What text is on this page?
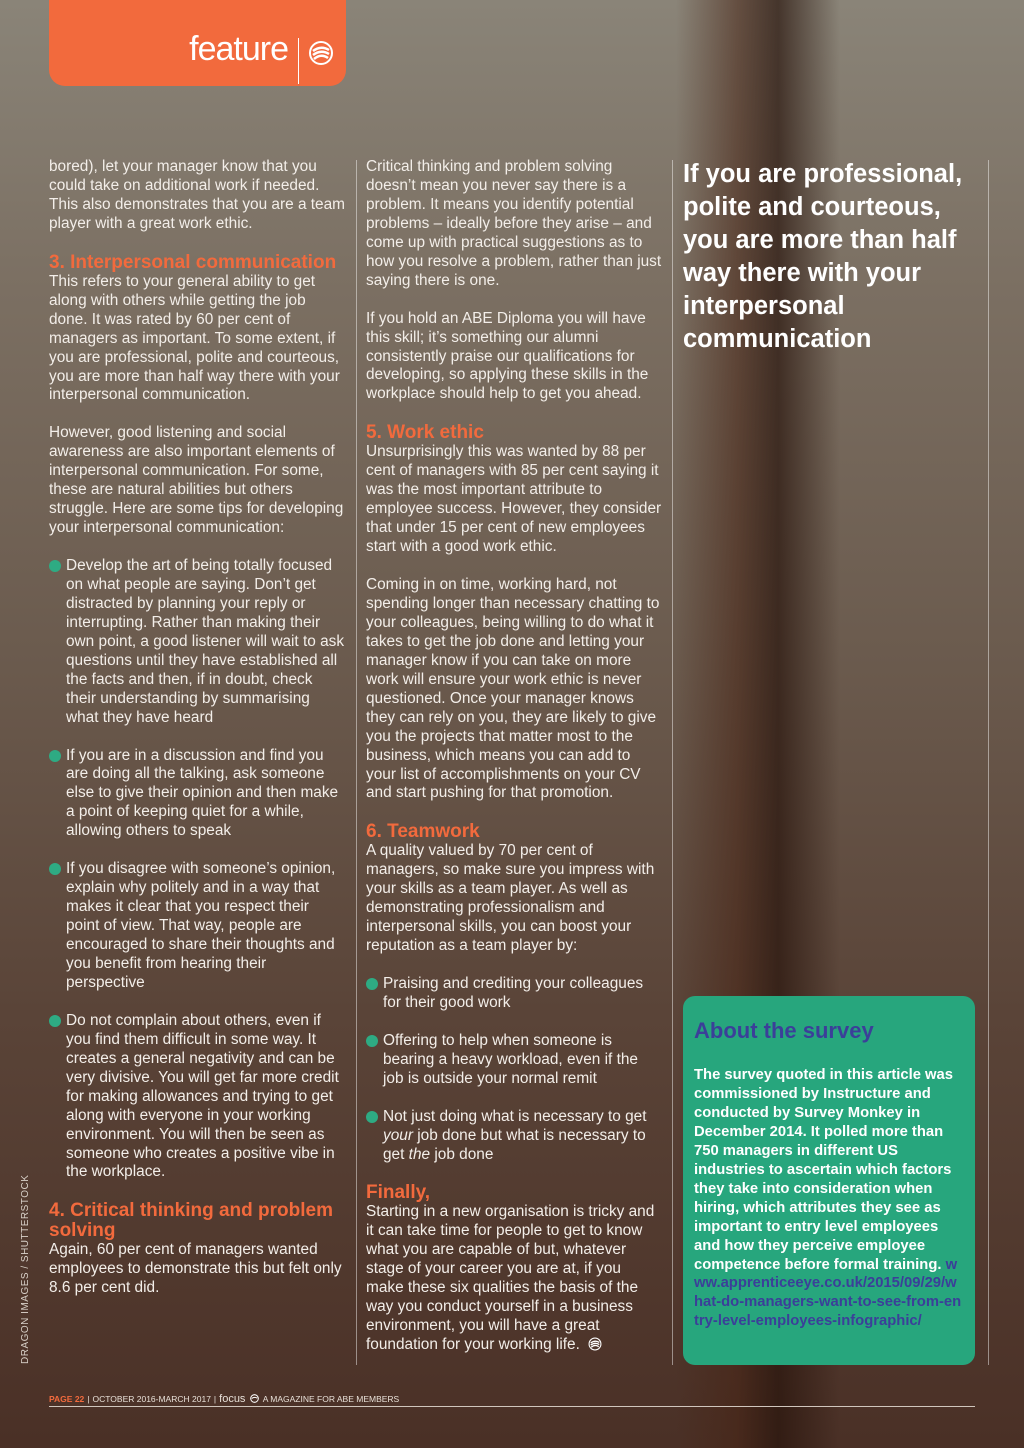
feature

bored), let your manager know that you could take on additional work if needed. This also demonstrates that you are a team player with a great work ethic.

3. Interpersonal communication

This refers to your general ability to get along with others while getting the job done. It was rated by 60 per cent of managers as important. To some extent, if you are professional, polite and courteous, you are more than half way there with your interpersonal communication.

However, good listening and social awareness are also important elements of interpersonal communication. For some, these are natural abilities but others struggle. Here are some tips for developing your interpersonal communication:

Develop the art of being totally focused on what people are saying. Don’t get distracted by planning your reply or interrupting. Rather than making their own point, a good listener will wait to ask questions until they have established all the facts and then, if in doubt, check their understanding by summarising what they have heard
If you are in a discussion and find you are doing all the talking, ask someone else to give their opinion and then make a point of keeping quiet for a while, allowing others to speak
If you disagree with someone’s opinion, explain why politely and in a way that makes it clear that you respect their point of view. That way, people are encouraged to share their thoughts and you benefit from hearing their perspective
Do not complain about others, even if you find them difficult in some way. It creates a general negativity and can be very divisive. You will get far more credit for making allowances and trying to get along with everyone in your working environment. You will then be seen as someone who creates a positive vibe in the workplace.
4. Critical thinking and problem solving

Again, 60 per cent of managers wanted employees to demonstrate this but felt only 8.6 per cent did.

Critical thinking and problem solving doesn’t mean you never say there is a problem. It means you identify potential problems – ideally before they arise – and come up with practical suggestions as to how you resolve a problem, rather than just saying there is one.

If you hold an ABE Diploma you will have this skill; it’s something our alumni consistently praise our qualifications for developing, so applying these skills in the workplace should help to get you ahead.

5. Work ethic

Unsurprisingly this was wanted by 88 per cent of managers with 85 per cent saying it was the most important attribute to employee success. However, they consider that under 15 per cent of new employees start with a good work ethic.

Coming in on time, working hard, not spending longer than necessary chatting to your colleagues, being willing to do what it takes to get the job done and letting your manager know if you can take on more work will ensure your work ethic is never questioned. Once your manager knows they can rely on you, they are likely to give you the projects that matter most to the business, which means you can add to your list of accomplishments on your CV and start pushing for that promotion.

6. Teamwork

A quality valued by 70 per cent of managers, so make sure you impress with your skills as a team player. As well as demonstrating professionalism and interpersonal skills, you can boost your reputation as a team player by:

Praising and crediting your colleagues for their good work
Offering to help when someone is bearing a heavy workload, even if the job is outside your normal remit
Not just doing what is necessary to get your job done but what is necessary to get the job done
Finally,

Starting in a new organisation is tricky and it can take time for people to get to know what you are capable of but, whatever stage of your career you are at, if you make these six qualities the basis of the way you conduct yourself in a business environment, you will have a great foundation for your working life.

If you are professional, polite and courteous, you are more than half way there with your interpersonal communication
About the survey

The survey quoted in this article was commissioned by Instructure and conducted by Survey Monkey in December 2014. It polled more than 750 managers in different US industries to ascertain which factors they take into consideration when hiring, which attributes they see as important to entry level employees and how they perceive employee competence before formal training. www.apprenticeeye.co.uk/2015/09/29/what-do-managers-want-to-see-from-entry-level-employees-infographic/

DRAGON IMAGES / SHUTTERSTOCK
PAGE 22 | OCTOBER 2016-MARCH 2017 | focus A MAGAZINE FOR ABE MEMBERS
